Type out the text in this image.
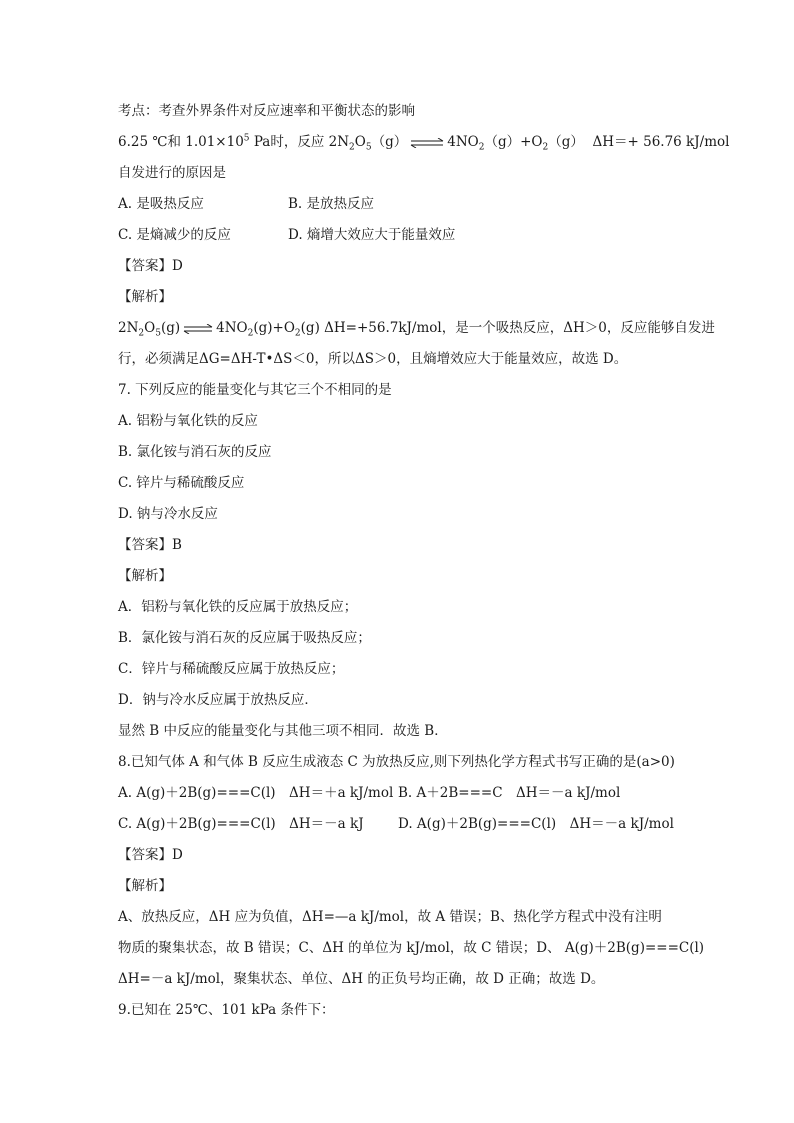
考点：考查外界条件对反应速率和平衡状态的影响
6.25 ℃和 $1.01\times 10^5$ Pa时，反应 $2N_2O_5(g)$ ⇌ $4NO_2(g)+O_2(g)$ ΔH＝+ 56.76 kJ/mol
自发进行的原因是
A. 是吸热反应	B. 是放热反应
C. 是熵减少的反应	D. 熵增大效应大于能量效应
【答案】D
【解析】
$2N_2O_5(g)$ ⇌ $4NO_2(g)+O_2(g)$ ΔH=+56.7kJ/mol，是一个吸热反应，ΔH＞0，反应能够自发进
行，必须满足ΔG=ΔH-T•ΔS＜0，所以ΔS＞0，且熵增效应大于能量效应，故选 D。
7. 下列反应的能量变化与其它三个不相同的是
A. 铝粉与氧化铁的反应
B. 氯化铵与消石灰的反应
C. 锌片与稀硫酸反应
D. 钠与冷水反应
【答案】B
【解析】
A．铝粉与氧化铁的反应属于放热反应；
B．氯化铵与消石灰的反应属于吸热反应；
C．锌片与稀硫酸反应属于放热反应；
D．钠与冷水反应属于放热反应．
显然 B 中反应的能量变化与其他三项不相同．故选 B．
8.已知气体 A 和气体 B 反应生成液态 C 为放热反应,则下列热化学方程式书写正确的是(a>0)
A. A(g)＋2B(g)===C(l)　ΔH＝＋a kJ/mol B. A＋2B===C　ΔH＝－a kJ/mol
C. A(g)＋2B(g)===C(l)　ΔH＝－a kJ	D. A(g)＋2B(g)===C(l)　ΔH＝－a kJ/mol
【答案】D
【解析】
A、放热反应，ΔH 应为负值，ΔH=—a kJ/mol，故 A 错误；B、热化学方程式中没有注明
物质的聚集状态，故 B 错误；C、ΔH 的单位为 kJ/mol，故 C 错误；D、 A(g)＋2B(g)===C(l)
ΔH=－a kJ/mol，聚集状态、单位、ΔH 的正负号均正确，故 D 正确；故选 D。
9.已知在 25℃、101 kPa 条件下：
